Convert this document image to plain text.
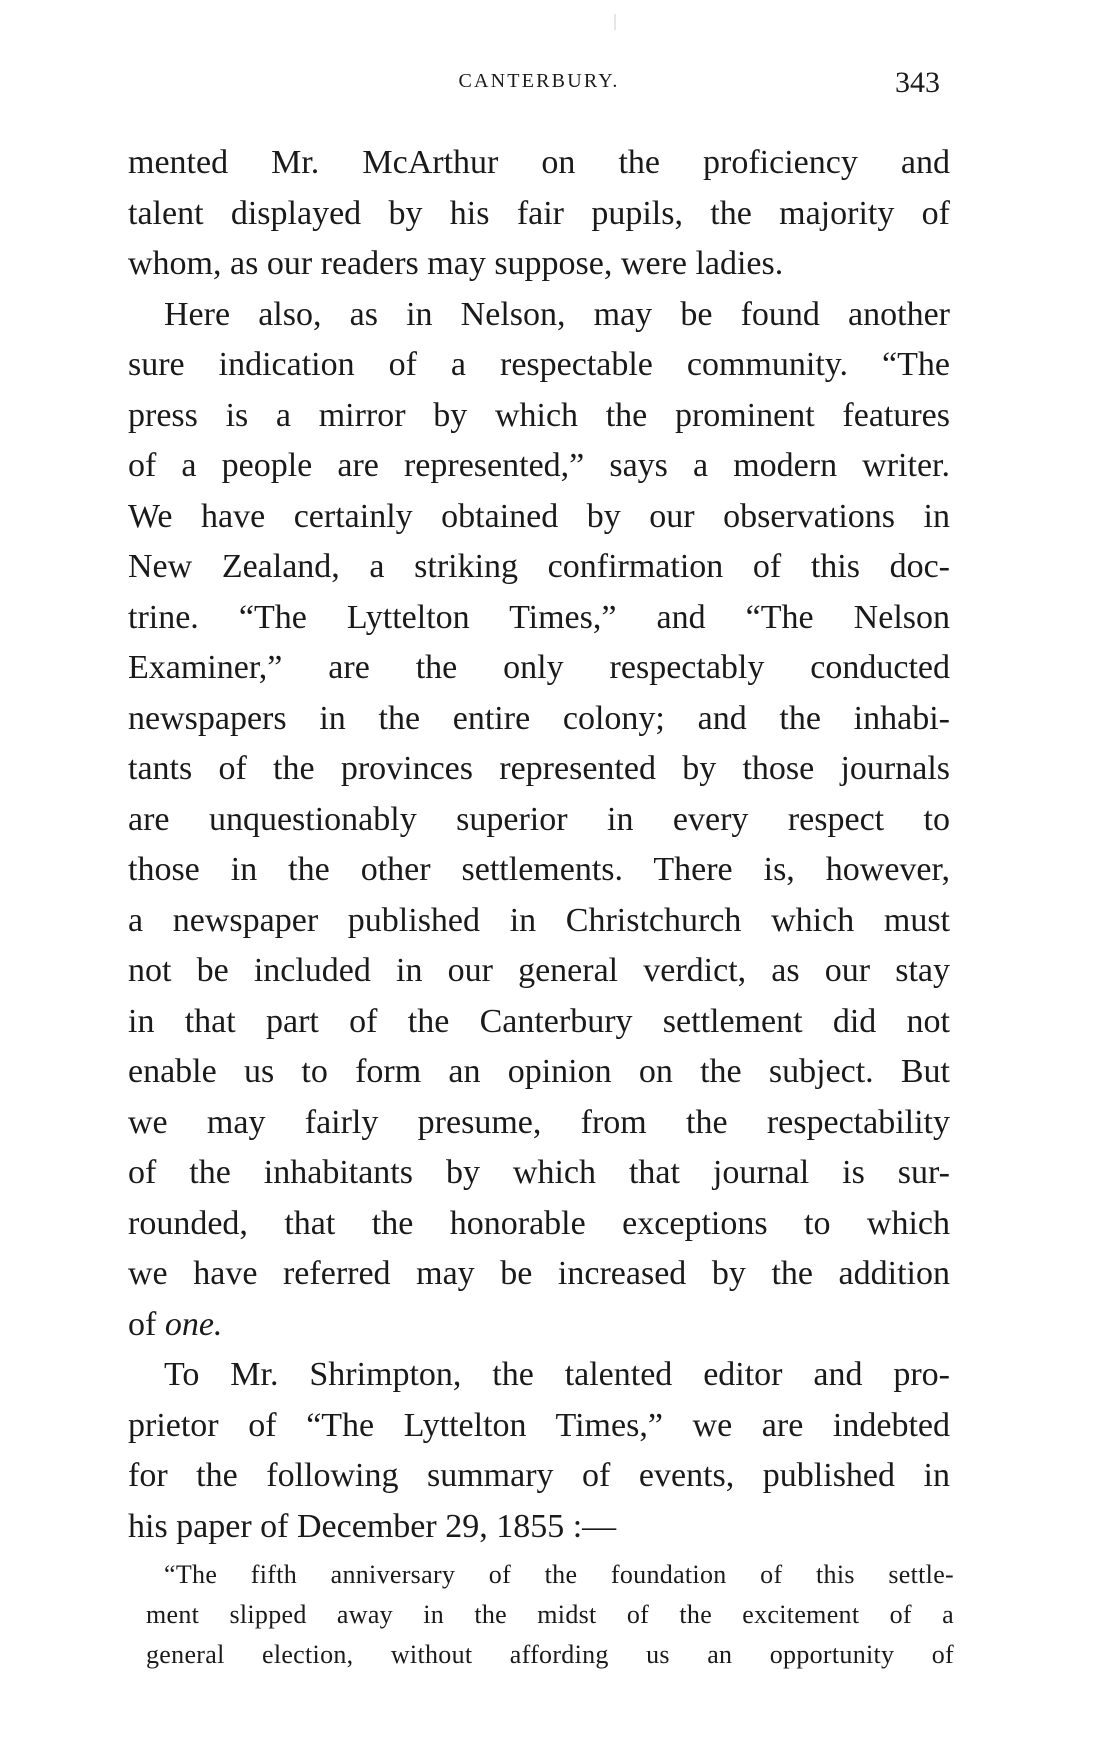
CANTERBURY.	343
mented Mr. McArthur on the proficiency and
talent displayed by his fair pupils, the majority of
whom, as our readers may suppose, were ladies.
Here also, as in Nelson, may be found another
sure indication of a respectable community. “The
press is a mirror by which the prominent features
of a people are represented,” says a modern writer.
We have certainly obtained by our observations in
New Zealand, a striking confirmation of this doc-
trine. “The Lyttelton Times,” and “The Nelson
Examiner,” are the only respectably conducted
newspapers in the entire colony; and the inhabi-
tants of the provinces represented by those journals
are unquestionably superior in every respect to
those in the other settlements. There is, however,
a newspaper published in Christchurch which must
not be included in our general verdict, as our stay
in that part of the Canterbury settlement did not
enable us to form an opinion on the subject. But
we may fairly presume, from the respectability
of the inhabitants by which that journal is sur-
rounded, that the honorable exceptions to which
we have referred may be increased by the addition
of one.
To Mr. Shrimpton, the talented editor and pro-
prietor of “The Lyttelton Times,” we are indebted
for the following summary of events, published in
his paper of December 29, 1855 :—
“The fifth anniversary of the foundation of this settle-
ment slipped away in the midst of the excitement of a
general election, without affording us an opportunity of
